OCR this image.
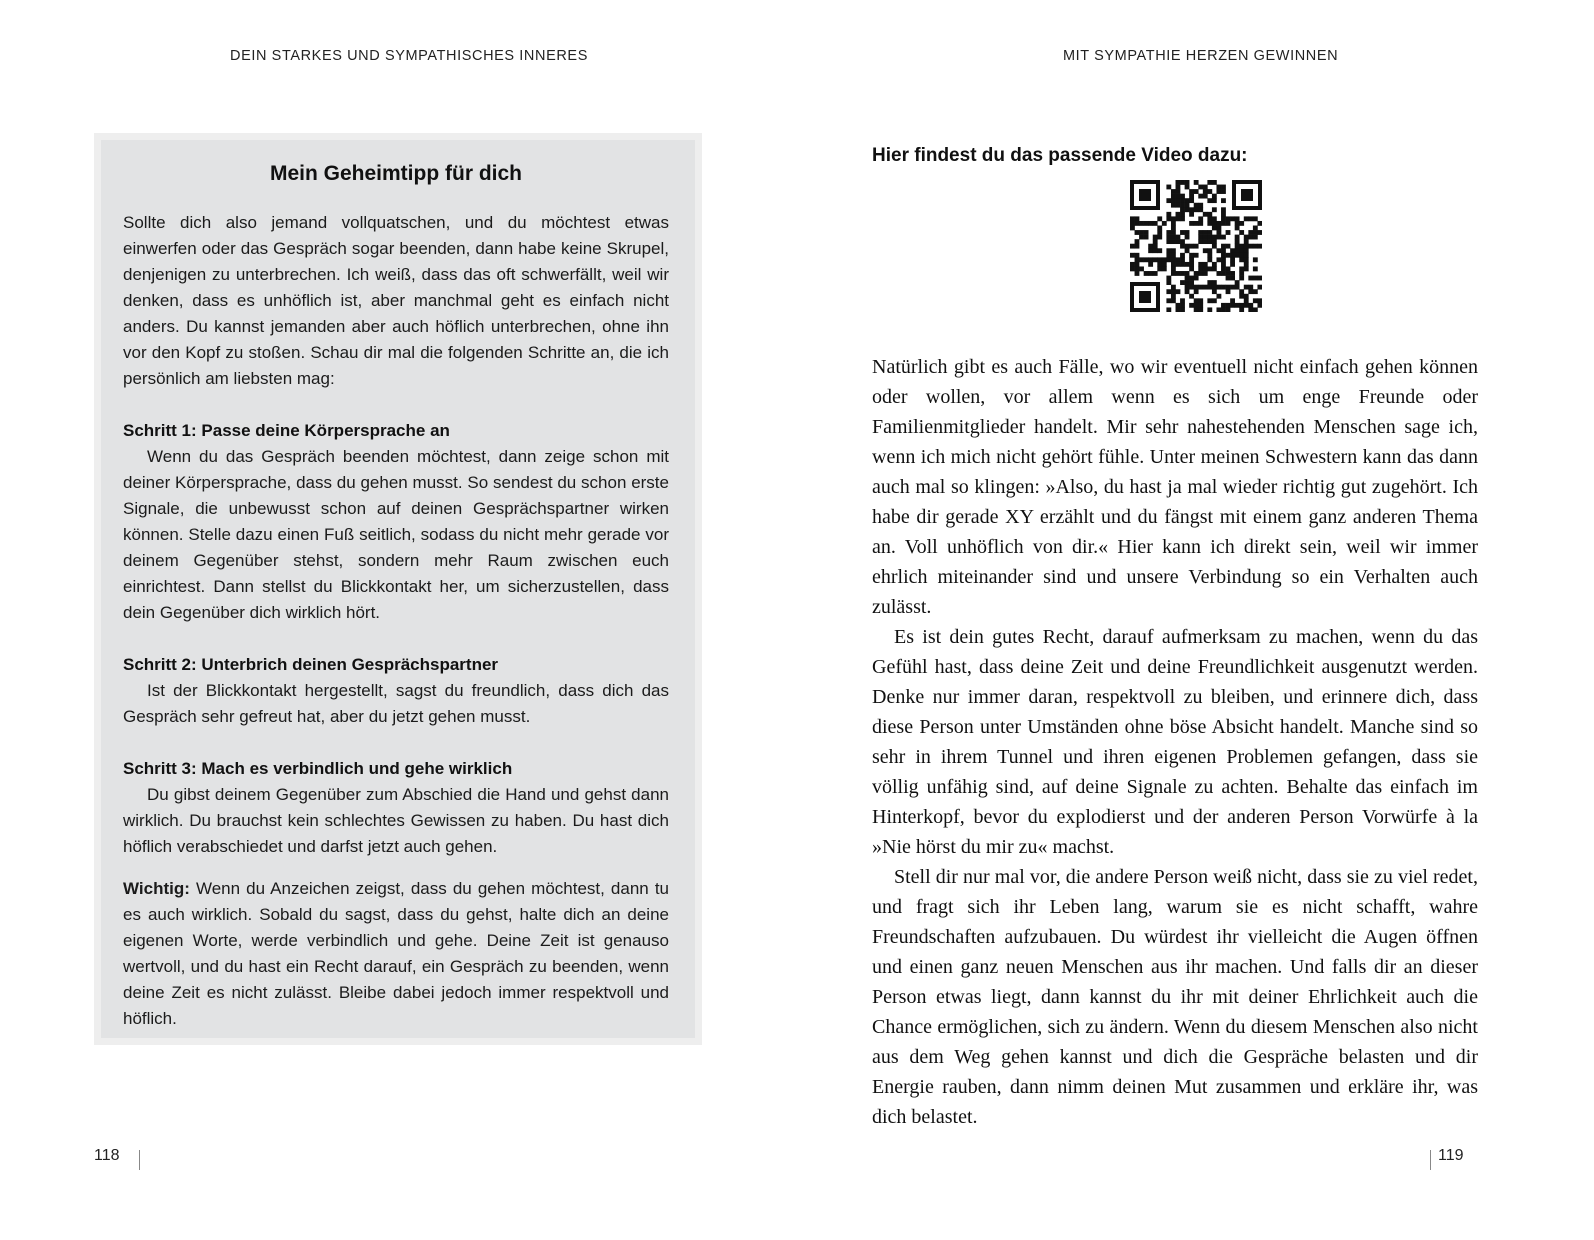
DEIN STARKES UND SYMPATHISCHES INNERES
Mein Geheimtipp für dich

Sollte dich also jemand vollquatschen, und du möchtest etwas einwerfen oder das Gespräch sogar beenden, dann habe keine Skrupel, denjenigen zu unterbrechen. Ich weiß, dass das oft schwerfällt, weil wir denken, dass es unhöflich ist, aber manchmal geht es einfach nicht anders. Du kannst jemanden aber auch höflich unterbrechen, ohne ihn vor den Kopf zu stoßen. Schau dir mal die folgenden Schritte an, die ich persönlich am liebsten mag:

Schritt 1: Passe deine Körpersprache an

Wenn du das Gespräch beenden möchtest, dann zeige schon mit deiner Körpersprache, dass du gehen musst. So sendest du schon erste Signale, die unbewusst schon auf deinen Gesprächspartner wirken können. Stelle dazu einen Fuß seitlich, sodass du nicht mehr gerade vor deinem Gegenüber stehst, sondern mehr Raum zwischen euch einrichtest. Dann stellst du Blickkontakt her, um sicherzustellen, dass dein Gegenüber dich wirklich hört.

Schritt 2: Unterbrich deinen Gesprächspartner

Ist der Blickkontakt hergestellt, sagst du freundlich, dass dich das Gespräch sehr gefreut hat, aber du jetzt gehen musst.

Schritt 3: Mach es verbindlich und gehe wirklich

Du gibst deinem Gegenüber zum Abschied die Hand und gehst dann wirklich. Du brauchst kein schlechtes Gewissen zu haben. Du hast dich höflich verabschiedet und darfst jetzt auch gehen.

Wichtig: Wenn du Anzeichen zeigst, dass du gehen möchtest, dann tu es auch wirklich. Sobald du sagst, dass du gehst, halte dich an deine eigenen Worte, werde verbindlich und gehe. Deine Zeit ist genauso wertvoll, und du hast ein Recht darauf, ein Gespräch zu beenden, wenn deine Zeit es nicht zulässt. Bleibe dabei jedoch immer respektvoll und höflich.

118
MIT SYMPATHIE HERZEN GEWINNEN
Hier findest du das passende Video dazu:

Natürlich gibt es auch Fälle, wo wir eventuell nicht einfach gehen können oder wollen, vor allem wenn es sich um enge Freunde oder Familienmitglieder handelt. Mir sehr nahestehenden Menschen sage ich, wenn ich mich nicht gehört fühle. Unter meinen Schwestern kann das dann auch mal so klingen: »Also, du hast ja mal wieder richtig gut zugehört. Ich habe dir gerade XY erzählt und du fängst mit einem ganz anderen Thema an. Voll unhöflich von dir.« Hier kann ich direkt sein, weil wir immer ehrlich miteinander sind und unsere Verbindung so ein Verhalten auch zulässt.

Es ist dein gutes Recht, darauf aufmerksam zu machen, wenn du das Gefühl hast, dass deine Zeit und deine Freundlichkeit ausgenutzt werden. Denke nur immer daran, respektvoll zu bleiben, und erinnere dich, dass diese Person unter Umständen ohne böse Absicht handelt. Manche sind so sehr in ihrem Tunnel und ihren eigenen Problemen gefangen, dass sie völlig unfähig sind, auf deine Signale zu achten. Behalte das einfach im Hinterkopf, bevor du explodierst und der anderen Person Vorwürfe à la »Nie hörst du mir zu« machst.

Stell dir nur mal vor, die andere Person weiß nicht, dass sie zu viel redet, und fragt sich ihr Leben lang, warum sie es nicht schafft, wahre Freundschaften aufzubauen. Du würdest ihr vielleicht die Augen öffnen und einen ganz neuen Menschen aus ihr machen. Und falls dir an dieser Person etwas liegt, dann kannst du ihr mit deiner Ehrlichkeit auch die Chance ermöglichen, sich zu ändern. Wenn du diesem Menschen also nicht aus dem Weg gehen kannst und dich die Gespräche belasten und dir Energie rauben, dann nimm deinen Mut zusammen und erkläre ihr, was dich belastet.

119
